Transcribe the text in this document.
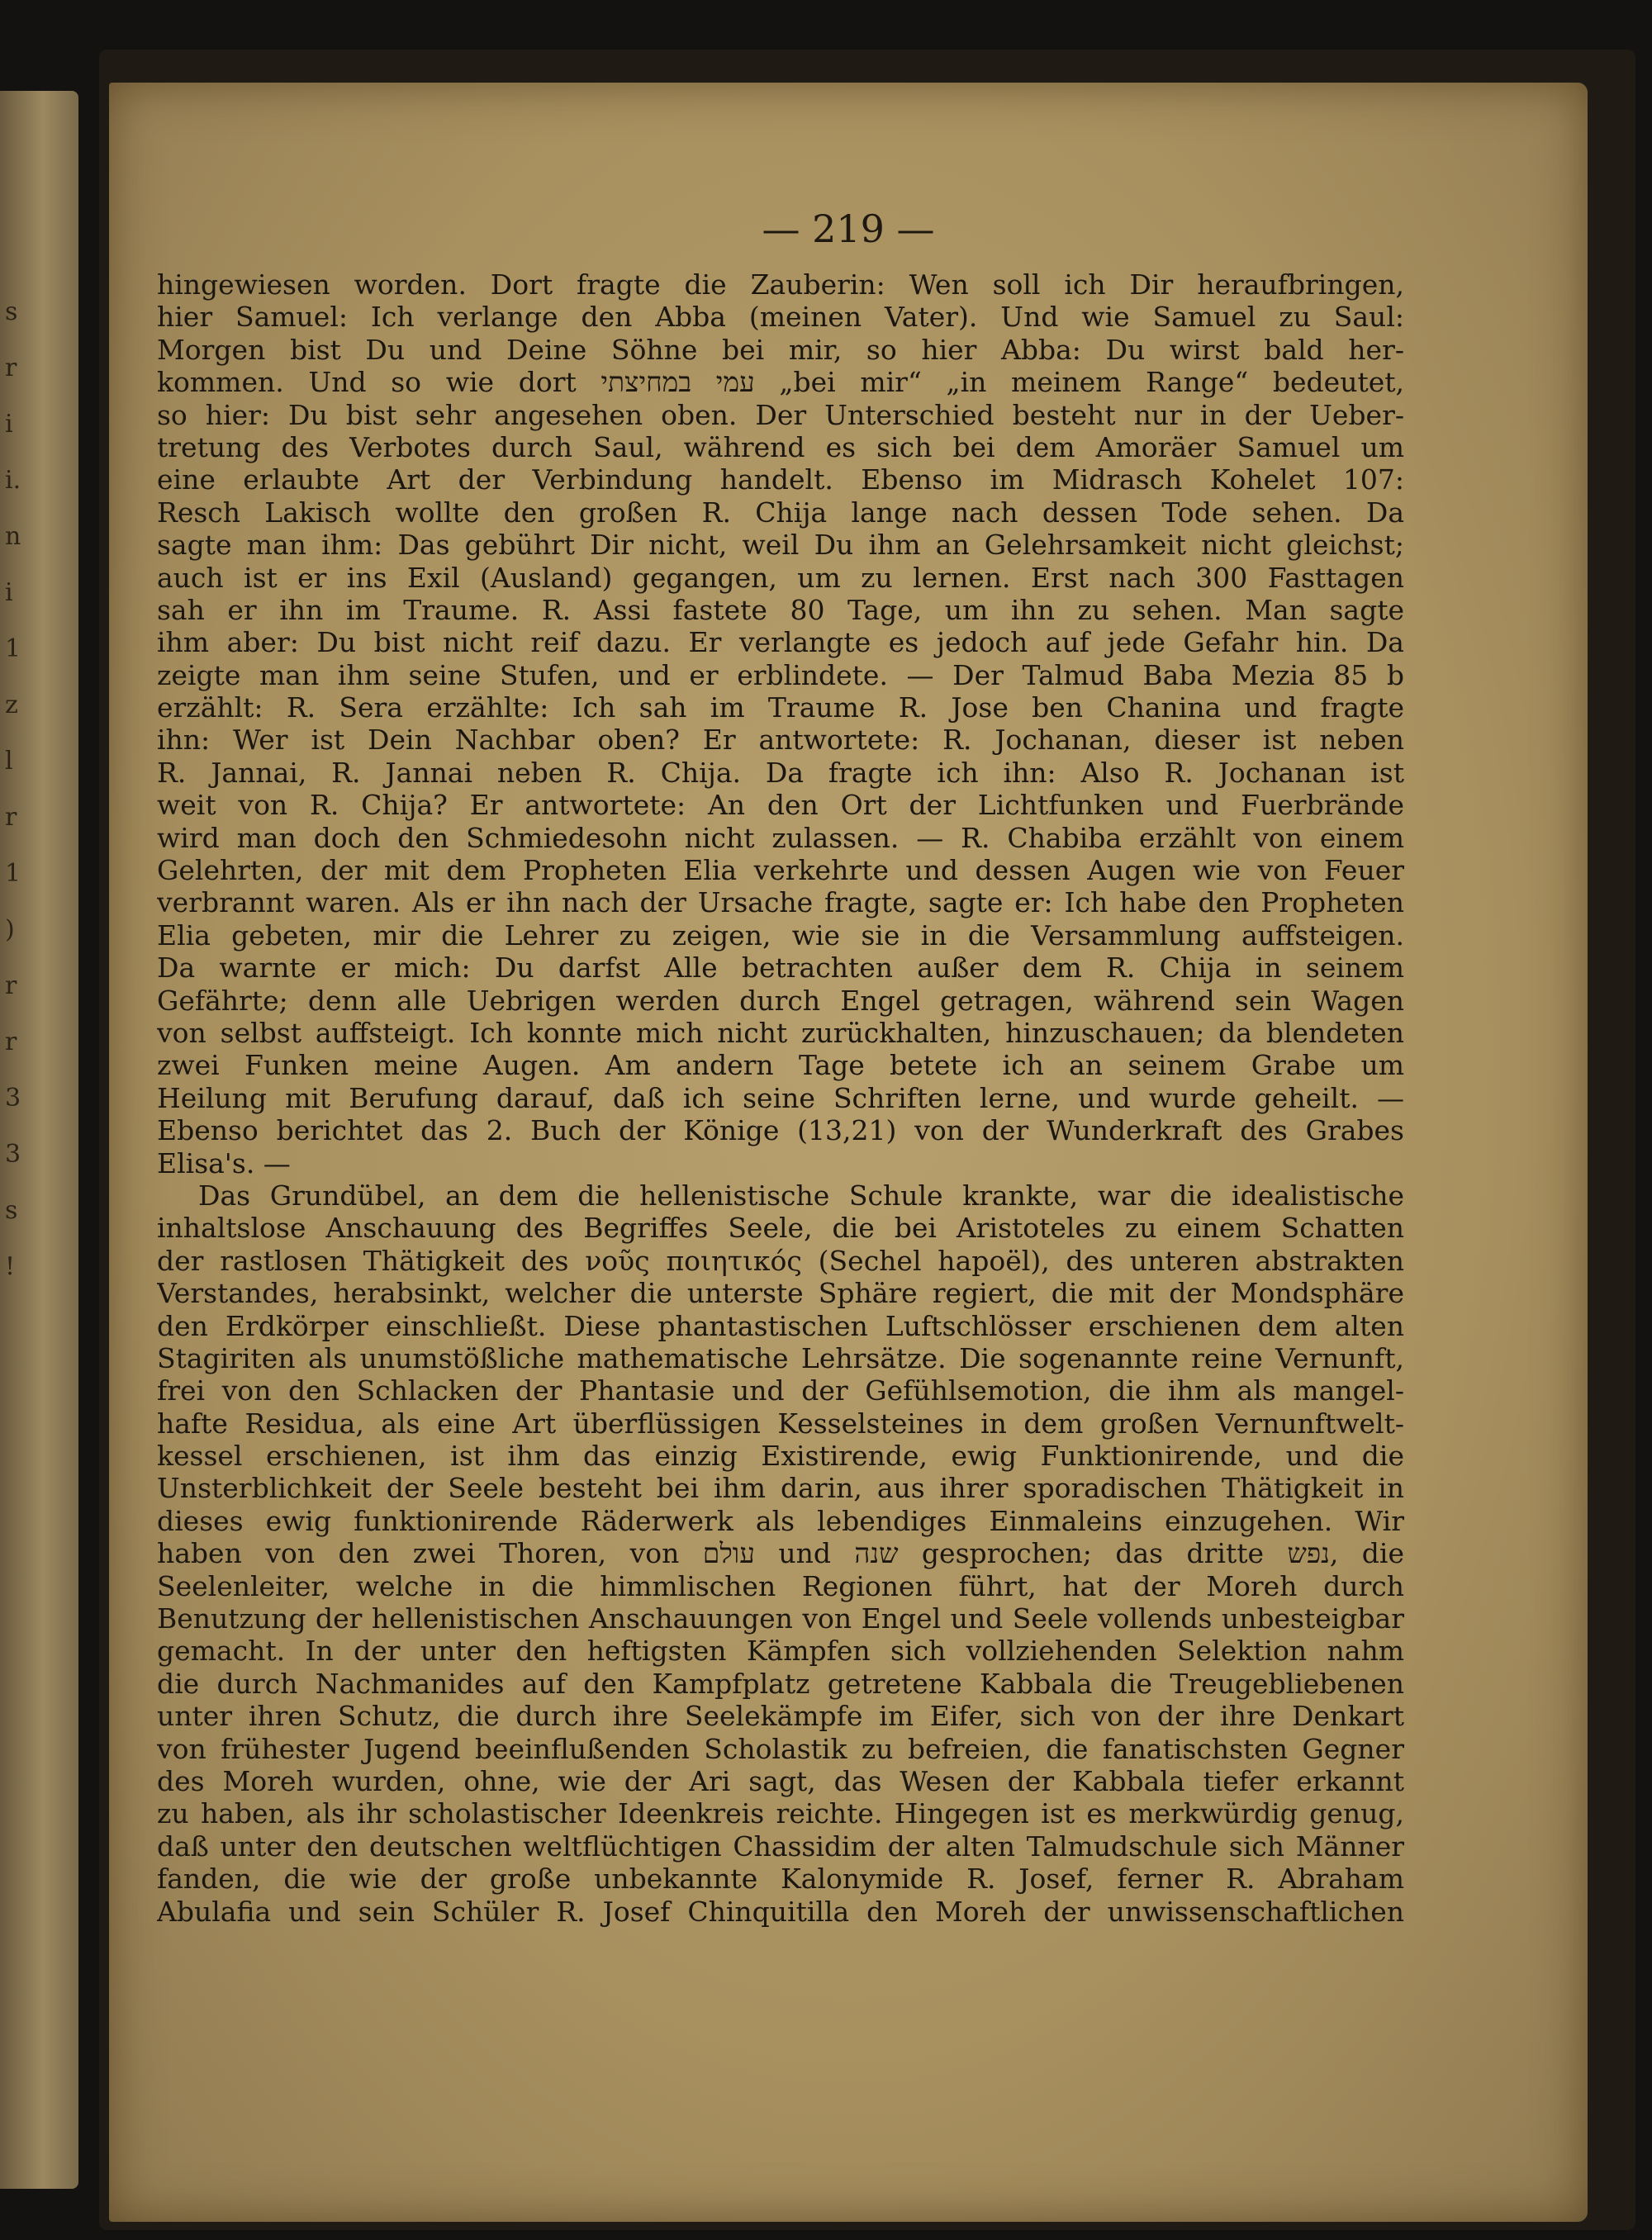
s
r
i
i.
n
i
1
z
l
r
1
)
r
r
3
3
s
!
— 219 —
hingewiesen worden. Dort fragte die Zauberin: Wen soll ich Dir heraufbringen,
hier Samuel: Ich verlange den Abba (meinen Vater). Und wie Samuel zu Saul:
Morgen bist Du und Deine Söhne bei mir, so hier Abba: Du wirst bald her-
kommen. Und so wie dort עמי במחיצתי „bei mir“ „in meinem Range“ bedeutet,
so hier: Du bist sehr angesehen oben. Der Unterschied besteht nur in der Ueber-
tretung des Verbotes durch Saul, während es sich bei dem Amoräer Samuel um
eine erlaubte Art der Verbindung handelt. Ebenso im Midrasch Kohelet 107:
Resch Lakisch wollte den großen R. Chija lange nach dessen Tode sehen. Da
sagte man ihm: Das gebührt Dir nicht, weil Du ihm an Gelehrsamkeit nicht gleichst;
auch ist er ins Exil (Ausland) gegangen, um zu lernen. Erst nach 300 Fasttagen
sah er ihn im Traume. R. Assi fastete 80 Tage, um ihn zu sehen. Man sagte
ihm aber: Du bist nicht reif dazu. Er verlangte es jedoch auf jede Gefahr hin. Da
zeigte man ihm seine Stufen, und er erblindete. — Der Talmud Baba Mezia 85 b
erzählt: R. Sera erzählte: Ich sah im Traume R. Jose ben Chanina und fragte
ihn: Wer ist Dein Nachbar oben? Er antwortete: R. Jochanan, dieser ist neben
R. Jannai, R. Jannai neben R. Chija. Da fragte ich ihn: Also R. Jochanan ist
weit von R. Chija? Er antwortete: An den Ort der Lichtfunken und Fuerbrände
wird man doch den Schmiedesohn nicht zulassen. — R. Chabiba erzählt von einem
Gelehrten, der mit dem Propheten Elia verkehrte und dessen Augen wie von Feuer
verbrannt waren. Als er ihn nach der Ursache fragte, sagte er: Ich habe den Propheten
Elia gebeten, mir die Lehrer zu zeigen, wie sie in die Versammlung auffsteigen.
Da warnte er mich: Du darfst Alle betrachten außer dem R. Chija in seinem
Gefährte; denn alle Uebrigen werden durch Engel getragen, während sein Wagen
von selbst auffsteigt. Ich konnte mich nicht zurückhalten, hinzuschauen; da blendeten
zwei Funken meine Augen. Am andern Tage betete ich an seinem Grabe um
Heilung mit Berufung darauf, daß ich seine Schriften lerne, und wurde geheilt. —
Ebenso berichtet das 2. Buch der Könige (13,21) von der Wunderkraft des Grabes
Elisa's. —
Das Grundübel, an dem die hellenistische Schule krankte, war die idealistische
inhaltslose Anschauung des Begriffes Seele, die bei Aristoteles zu einem Schatten
der rastlosen Thätigkeit des νοῦς ποιητικός (Sechel hapoël), des unteren abstrakten
Verstandes, herabsinkt, welcher die unterste Sphäre regiert, die mit der Mondsphäre
den Erdkörper einschließt. Diese phantastischen Luftschlösser erschienen dem alten
Stagiriten als unumstößliche mathematische Lehrsätze. Die sogenannte reine Vernunft,
frei von den Schlacken der Phantasie und der Gefühlsemotion, die ihm als mangel-
hafte Residua, als eine Art überflüssigen Kesselsteines in dem großen Vernunftwelt-
kessel erschienen, ist ihm das einzig Existirende, ewig Funktionirende, und die
Unsterblichkeit der Seele besteht bei ihm darin, aus ihrer sporadischen Thätigkeit in
dieses ewig funktionirende Räderwerk als lebendiges Einmaleins einzugehen. Wir
haben von den zwei Thoren, von עולם und שנה gesprochen; das dritte נפש, die
Seelenleiter, welche in die himmlischen Regionen führt, hat der Moreh durch
Benutzung der hellenistischen Anschauungen von Engel und Seele vollends unbesteigbar
gemacht. In der unter den heftigsten Kämpfen sich vollziehenden Selektion nahm
die durch Nachmanides auf den Kampfplatz getretene Kabbala die Treugebliebenen
unter ihren Schutz, die durch ihre Seelekämpfe im Eifer, sich von der ihre Denkart
von frühester Jugend beeinflußenden Scholastik zu befreien, die fanatischsten Gegner
des Moreh wurden, ohne, wie der Ari sagt, das Wesen der Kabbala tiefer erkannt
zu haben, als ihr scholastischer Ideenkreis reichte. Hingegen ist es merkwürdig genug,
daß unter den deutschen weltflüchtigen Chassidim der alten Talmudschule sich Männer
fanden, die wie der große unbekannte Kalonymide R. Josef, ferner R. Abraham
Abulafia und sein Schüler R. Josef Chinquitilla den Moreh der unwissenschaftlichen
